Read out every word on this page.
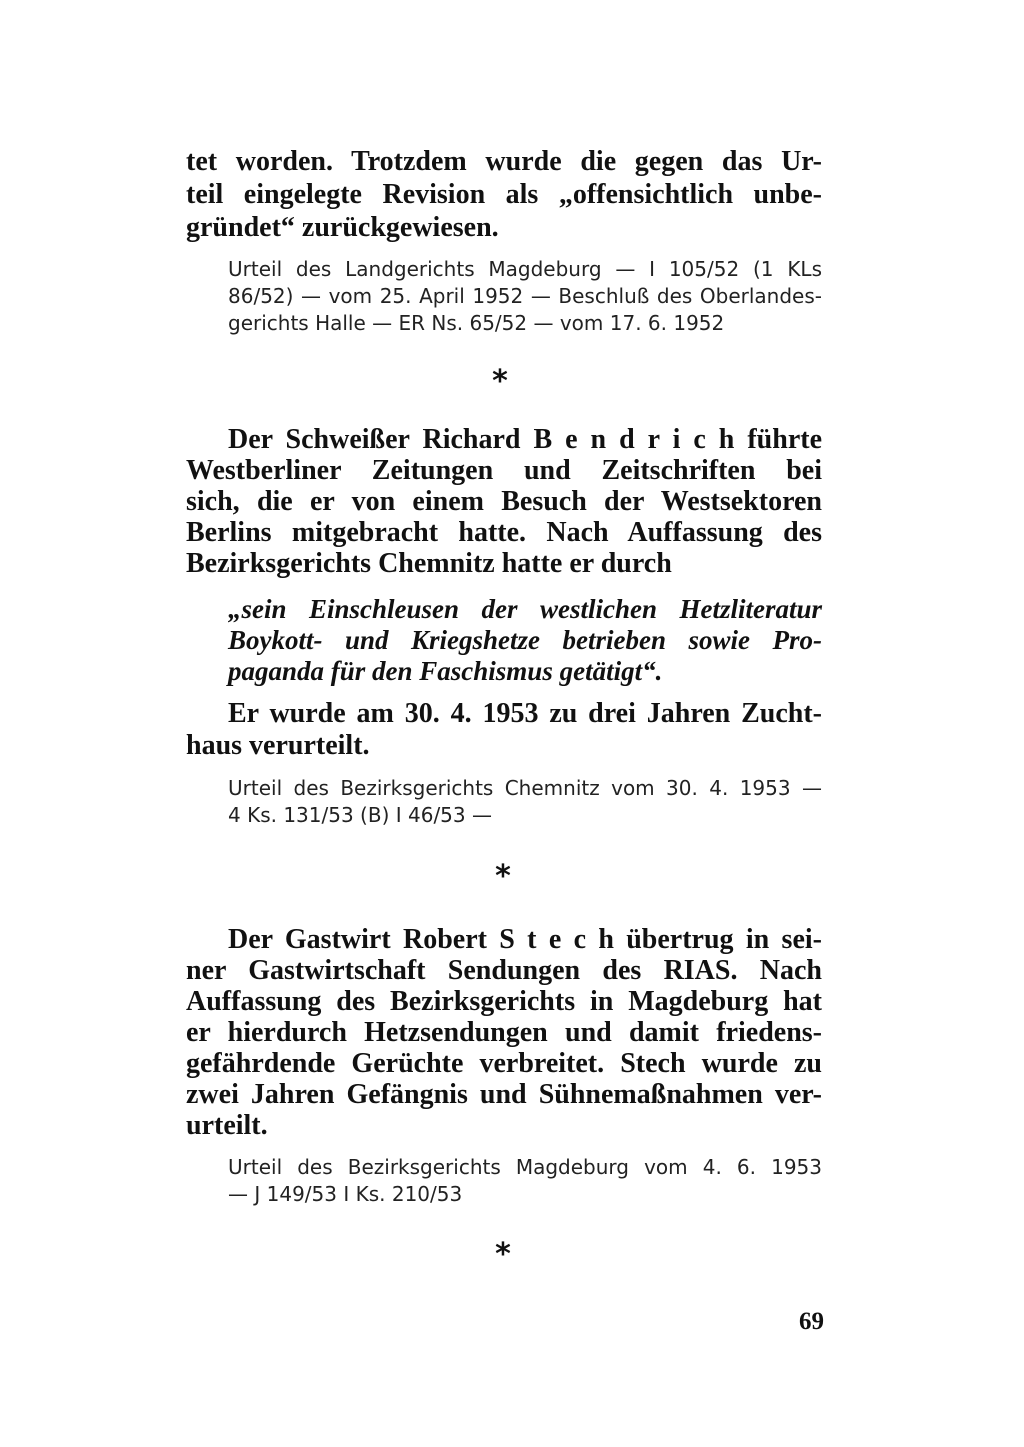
tet worden. Trotzdem wurde die gegen das Ur-

teil eingelegte Revision als „offensichtlich unbe-

gründet“ zurückgewiesen.

Urteil des Landgerichts Magdeburg — I 105/52 (1 KLs

86/52) — vom 25. April 1952 — Beschluß des Oberlandes-

gerichts Halle — ER Ns. 65/52 — vom 17. 6. 1952

*

Der Schweißer Richard B e n d r i c h führte

Westberliner Zeitungen und Zeitschriften bei

sich, die er von einem Besuch der Westsektoren

Berlins mitgebracht hatte. Nach Auffassung des

Bezirksgerichts Chemnitz hatte er durch

„sein Einschleusen der westlichen Hetzliteratur

Boykott- und Kriegshetze betrieben sowie Pro-

paganda für den Faschismus getätigt“.

Er wurde am 30. 4. 1953 zu drei Jahren Zucht-

haus verurteilt.

Urteil des Bezirksgerichts Chemnitz vom 30. 4. 1953 —

4 Ks. 131/53 (B) I 46/53 —

*

Der Gastwirt Robert S t e c h übertrug in sei-

ner Gastwirtschaft Sendungen des RIAS. Nach

Auffassung des Bezirksgerichts in Magdeburg hat

er hierdurch Hetzsendungen und damit friedens-

gefährdende Gerüchte verbreitet. Stech wurde zu

zwei Jahren Gefängnis und Sühnemaßnahmen ver-

urteilt.

Urteil des Bezirksgerichts Magdeburg vom 4. 6. 1953

— J 149/53 I Ks. 210/53

*
69
